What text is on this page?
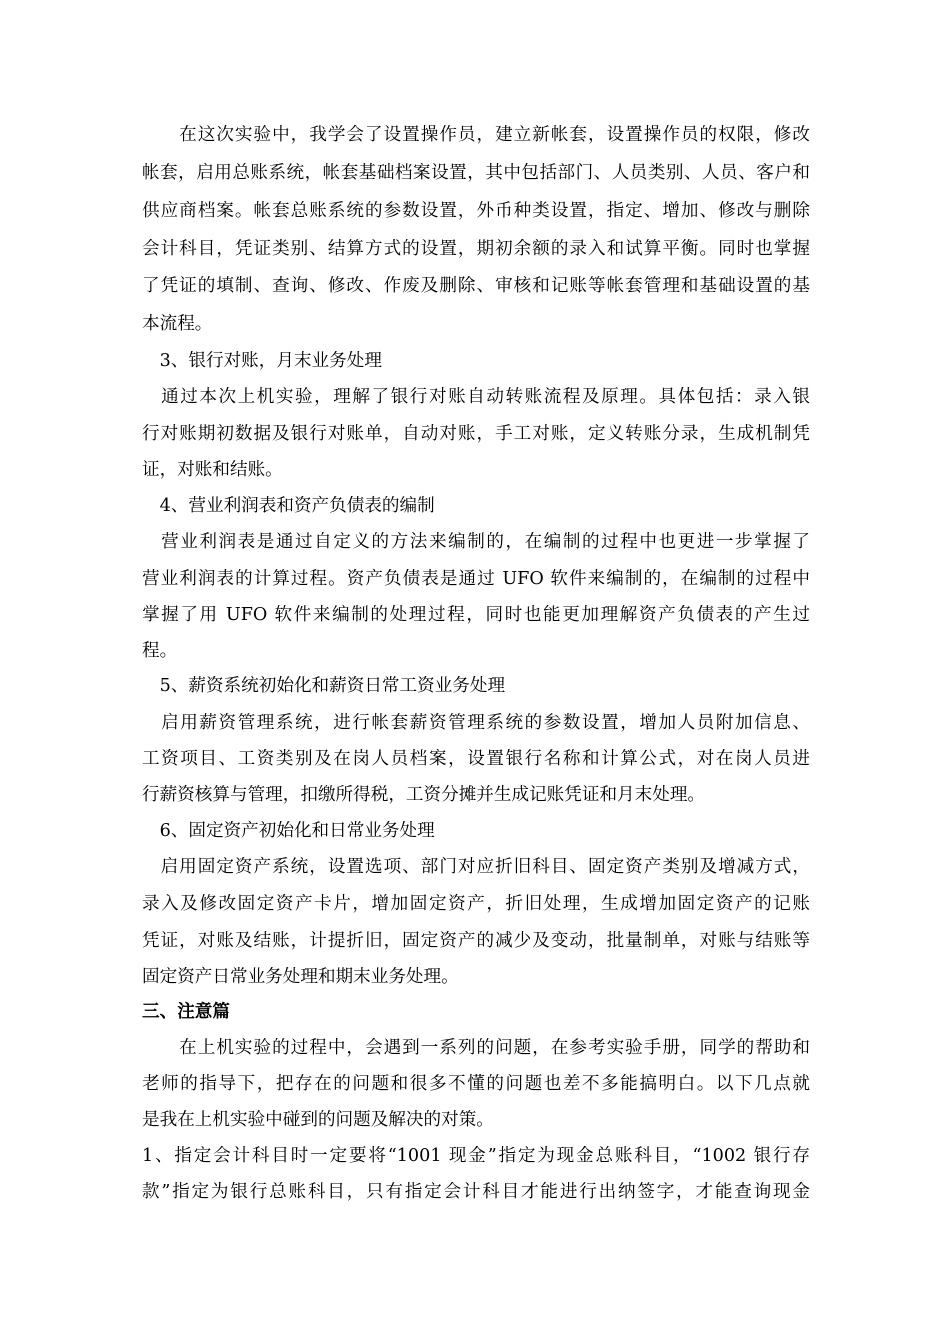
　　在这次实验中，我学会了设置操作员，建立新帐套，设置操作员的权限，修改
帐套，启用总账系统，帐套基础档案设置，其中包括部门、人员类别、人员、客户和
供应商档案。帐套总账系统的参数设置，外币种类设置，指定、增加、修改与删除
会计科目，凭证类别、结算方式的设置，期初余额的录入和试算平衡。同时也掌握
了凭证的填制、查询、修改、作废及删除、审核和记账等帐套管理和基础设置的基
本流程。
　3、银行对账，月末业务处理
　通过本次上机实验，理解了银行对账自动转账流程及原理。具体包括：录入银
行对账期初数据及银行对账单，自动对账，手工对账，定义转账分录，生成机制凭
证，对账和结账。
　4、营业利润表和资产负债表的编制
　营业利润表是通过自定义的方法来编制的，在编制的过程中也更进一步掌握了
营业利润表的计算过程。资产负债表是通过 UFO 软件来编制的，在编制的过程中
掌握了用 UFO 软件来编制的处理过程，同时也能更加理解资产负债表的产生过
程。
　5、薪资系统初始化和薪资日常工资业务处理
　启用薪资管理系统，进行帐套薪资管理系统的参数设置，增加人员附加信息、
工资项目、工资类别及在岗人员档案，设置银行名称和计算公式，对在岗人员进
行薪资核算与管理，扣缴所得税，工资分摊并生成记账凭证和月末处理。
　6、固定资产初始化和日常业务处理
　启用固定资产系统，设置选项、部门对应折旧科目、固定资产类别及增减方式，
录入及修改固定资产卡片，增加固定资产，折旧处理，生成增加固定资产的记账
凭证，对账及结账，计提折旧，固定资产的减少及变动，批量制单，对账与结账等
固定资产日常业务处理和期末业务处理。
三、注意篇
　　在上机实验的过程中，会遇到一系列的问题，在参考实验手册，同学的帮助和
老师的指导下，把存在的问题和很多不懂的问题也差不多能搞明白。以下几点就
是我在上机实验中碰到的问题及解决的对策。
1、指定会计科目时一定要将“1001 现金”指定为现金总账科目，“1002 银行存
款”指定为银行总账科目，只有指定会计科目才能进行出纳签字，才能查询现金
